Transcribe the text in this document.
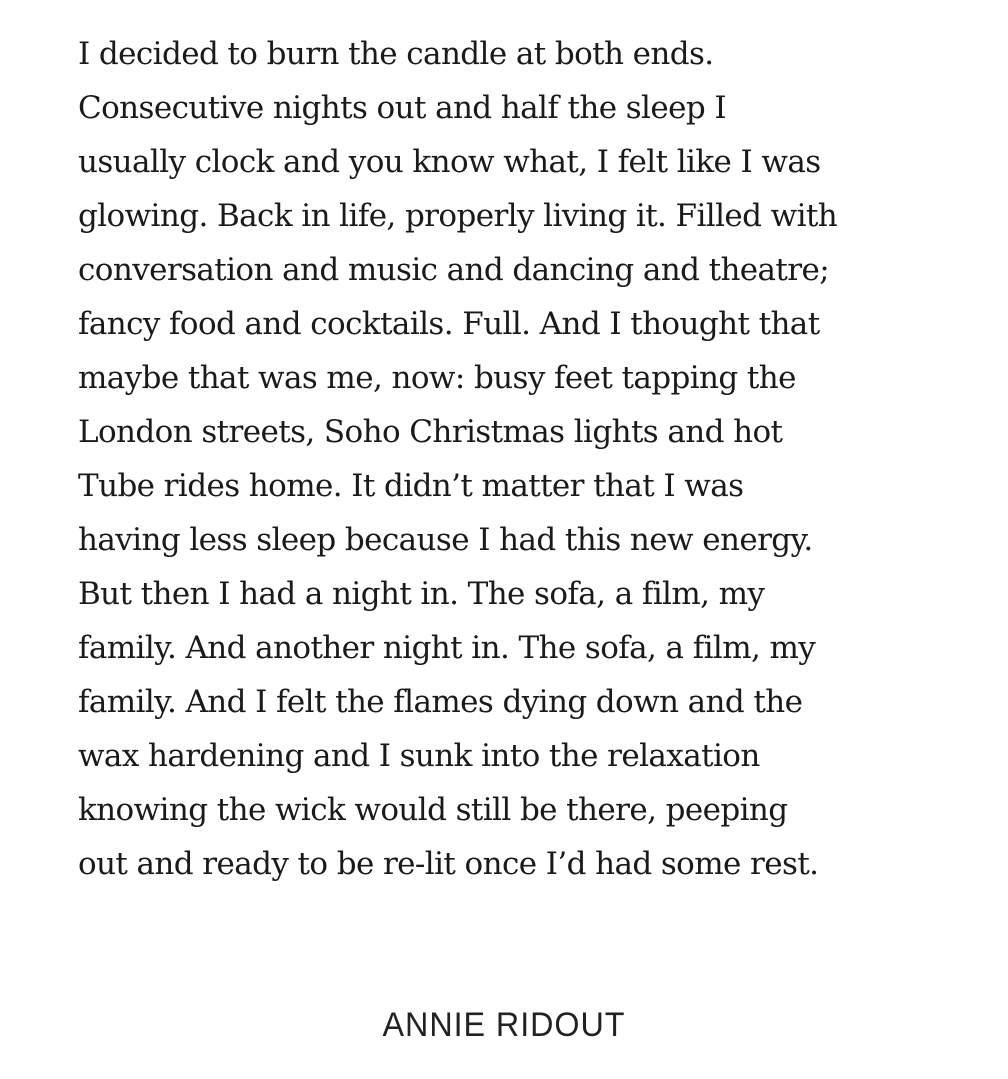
I decided to burn the candle at both ends.
Consecutive nights out and half the sleep I
usually clock and you know what, I felt like I was
glowing. Back in life, properly living it. Filled with
conversation and music and dancing and theatre;
fancy food and cocktails. Full. And I thought that
maybe that was me, now: busy feet tapping the
London streets, Soho Christmas lights and hot
Tube rides home. It didn’t matter that I was
having less sleep because I had this new energy.
But then I had a night in. The sofa, a film, my
family. And another night in. The sofa, a film, my
family. And I felt the flames dying down and the
wax hardening and I sunk into the relaxation
knowing the wick would still be there, peeping
out and ready to be re-lit once I’d had some rest.

ANNIE RIDOUT
